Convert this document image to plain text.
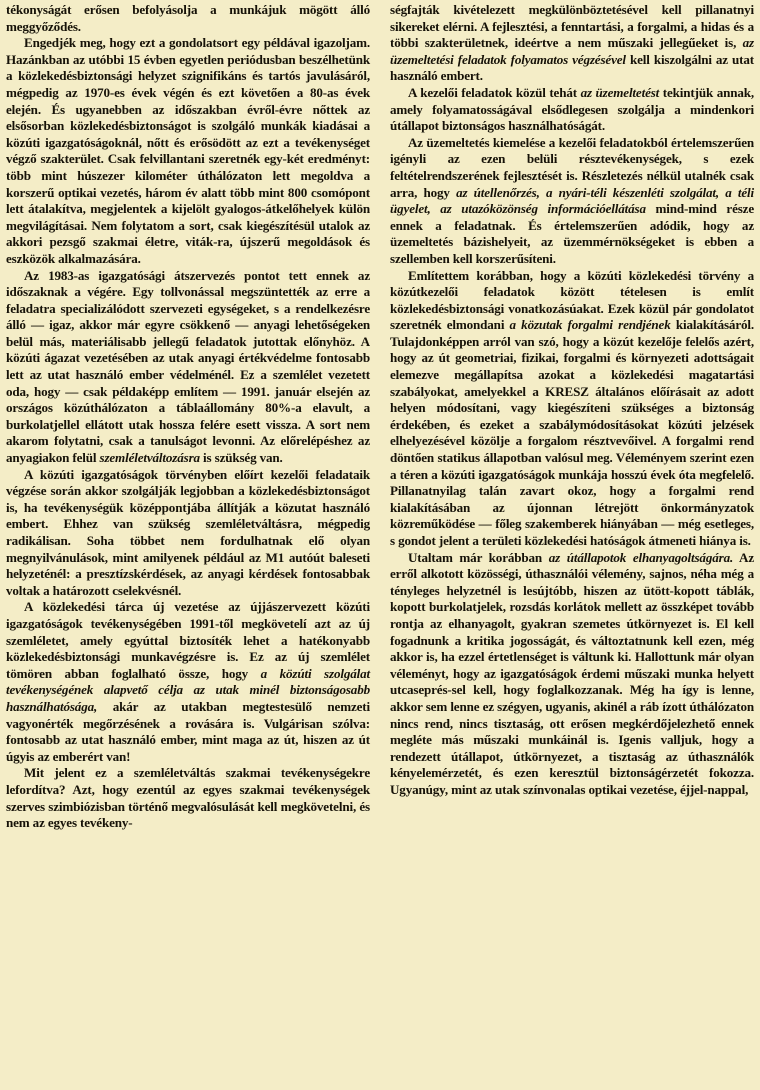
tékonyságát erősen befolyásolja a munkájuk mögött álló meggyőződés.

Engedjék meg, hogy ezt a gondolatsort egy példával igazoljam. Hazánkban az utóbbi 15 évben egyetlen periódusban beszélhetünk a közlekedésbiztonsági helyzet szignifikáns és tartós javulásáról, mégpedig az 1970-es évek végén és ezt követően a 80-as évek elején. És ugyanebben az időszakban évről-évre nőttek az elsősorban közlekedésbiztonságot is szolgáló munkák kiadásai a közúti igazgatóságoknál, nőtt és erősödött az ezt a tevékenységet végző szakterület. Csak felvillantani szeretnék egy-két eredményt: több mint húszezer kilométer úthálózaton lett megoldva a korszerű optikai vezetés, három év alatt több mint 800 csomópont lett átalakítva, megjelentek a kijelölt gyalogos-átkelőhelyek külön megvilágításai. Nem folytatom a sort, csak kiegészítésül utalok az akkori pezsgő szakmai életre, viták-ra, újszerű megoldások és eszközök alkalmazására.

Az 1983-as igazgatósági átszervezés pontot tett ennek az időszaknak a végére. Egy tollvonással megszüntették az erre a feladatra specializálódott szervezeti egységeket, s a rendelkezésre álló — igaz, akkor már egyre csökkenő — anyagi lehetőségeken belül más, materiálisabb jellegű feladatok jutottak előnyhöz. A közúti ágazat vezetésében az utak anyagi értékvédelme fontosabb lett az utat használó ember védelménél. Ez a szemlélet vezetett oda, hogy — csak példaképp említem — 1991. január elsején az országos közúthálózaton a táblaállomány 80%-a elavult, a burkolatjellel ellátott utak hossza felére esett vissza. A sort nem akarom folytatni, csak a tanulságot levonni. Az előrelépéshez az anyagiakon felül szemléletváltozásra is szükség van.

A közúti igazgatóságok törvényben előírt kezelői feladataik végzése során akkor szolgálják legjobban a közlekedésbiztonságot is, ha tevékenységük középpontjába állítják a közutat használó embert. Ehhez van szükség szemléletváltásra, mégpedig radikálisan. Soha többet nem fordulhatnak elő olyan megnyilvánulások, mint amilyenek például az M1 autóút baleseti helyzeténél: a presztízskérdések, az anyagi kérdések fontosabbak voltak a határozott cselekvésnél.

A közlekedési tárca új vezetése az újjászervezett közúti igazgatóságok tevékenységében 1991-től megkövetelí azt az új szemléletet, amely egyúttal biztosíték lehet a hatékonyabb közlekedésbiztonsági munkavégzésre is. Ez az új szemlélet tömören abban foglalható össze, hogy a közúti szolgálat tevékenységének alapvető célja az utak minél biztonságosabb használhatósága, akár az utakban megtestesülő nemzeti vagyonérték megőrzésének a rovására is. Vulgárisan szólva: fontosabb az utat használó ember, mint maga az út, hiszen az út úgyis az emberért van!

Mit jelent ez a szemléletváltás szakmai tevékenységekre lefordítva? Azt, hogy ezentúl az egyes szakmai tevékenységek szerves szimbiózisban történő megvalósulását kell megkövetelni, és nem az egyes tevékeny-

ségfajták kivételezett megkülönböztetésével kell pillanatnyi sikereket elérni. A fejlesztési, a fenntartási, a forgalmi, a hidas és a többi szakterületnek, ideértve a nem műszaki jellegűeket is, az üzemeltetési feladatok folyamatos végzésével kell kiszolgálni az utat használó embert.

A kezelői feladatok közül tehát az üzemeltetést tekintjük annak, amely folyamatosságával elsődlegesen szolgálja a mindenkori útállapot biztonságos használhatóságát.

Az üzemeltetés kiemelése a kezelői feladatokból értelemszerűen igényli az ezen belüli résztevékenységek, s ezek feltételrendszerének fejlesztését is. Részletezés nélkül utalnék csak arra, hogy az útellenőrzés, a nyári-téli készenléti szolgálat, a téli ügyelet, az utazóközönség információellátása mind-mind része ennek a feladatnak. És értelemszerűen adódik, hogy az üzemeltetés bázishelyeit, az üzemmérnökségeket is ebben a szellemben kell korszerűsíteni.

Említettem korábban, hogy a közúti közlekedési törvény a közútkezelői feladatok között tételesen is említ közlekedésbiztonsági vonatkozásúakat. Ezek közül pár gondolatot szeretnék elmondani a közutak forgalmi rendjének kialakításáról. Tulajdonképpen arról van szó, hogy a közút kezelője felelős azért, hogy az út geometriai, fizikai, forgalmi és környezeti adottságait elemezve megállapítsa azokat a közlekedési magatartási szabályokat, amelyekkel a KRESZ általános előírásait az adott helyen módosítani, vagy kiegészíteni szükséges a biztonság érdekében, és ezeket a szabálymódosításokat közúti jelzések elhelyezésével közölje a forgalom résztvevőivel. A forgalmi rend döntően statikus állapotban valósul meg. Véleményem szerint ezen a téren a közúti igazgatóságok munkája hosszú évek óta megfelelő. Pillanatnyilag talán zavart okoz, hogy a forgalmi rend kialakításában az újonnan létrejött önkormányzatok közreműködése — főleg szakemberek hiányában — még esetleges, s gondot jelent a területi közlekedési hatóságok átmeneti hiánya is.

Utaltam már korábban az útállapotok elhanyagoltságára. Az erről alkotott közösségi, úthasználói vélemény, sajnos, néha még a tényleges helyzetnél is lesújtóbb, hiszen az ütött-kopott táblák, kopott burkolatjelek, rozsdás korlátok mellett az összképet tovább rontja az elhanyagolt, gyakran szemetes útkörnyezet is. El kell fogadnunk a kritika jogosságát, és változtatnunk kell ezen, még akkor is, ha ezzel értetlenséget is váltunk ki. Hallottunk már olyan véleményt, hogy az igazgatóságok érdemi műszaki munka helyett utcaseprés-sel kell, hogy foglalkozzanak. Még ha így is lenne, akkor sem lenne ez szégyen, ugyanis, akinél a ráb ízott úthálózaton nincs rend, nincs tisztaság, ott erősen megkérdőjelezhető ennek megléte más műszaki munkáinál is. Igenis valljuk, hogy a rendezett útállapot, útkörnyezet, a tisztaság az úthasználók kényelemérzetét, és ezen keresztül biztonságérzetét fokozza. Ugyanúgy, mint az utak színvonalas optikai vezetése, éjjel-nappal,
